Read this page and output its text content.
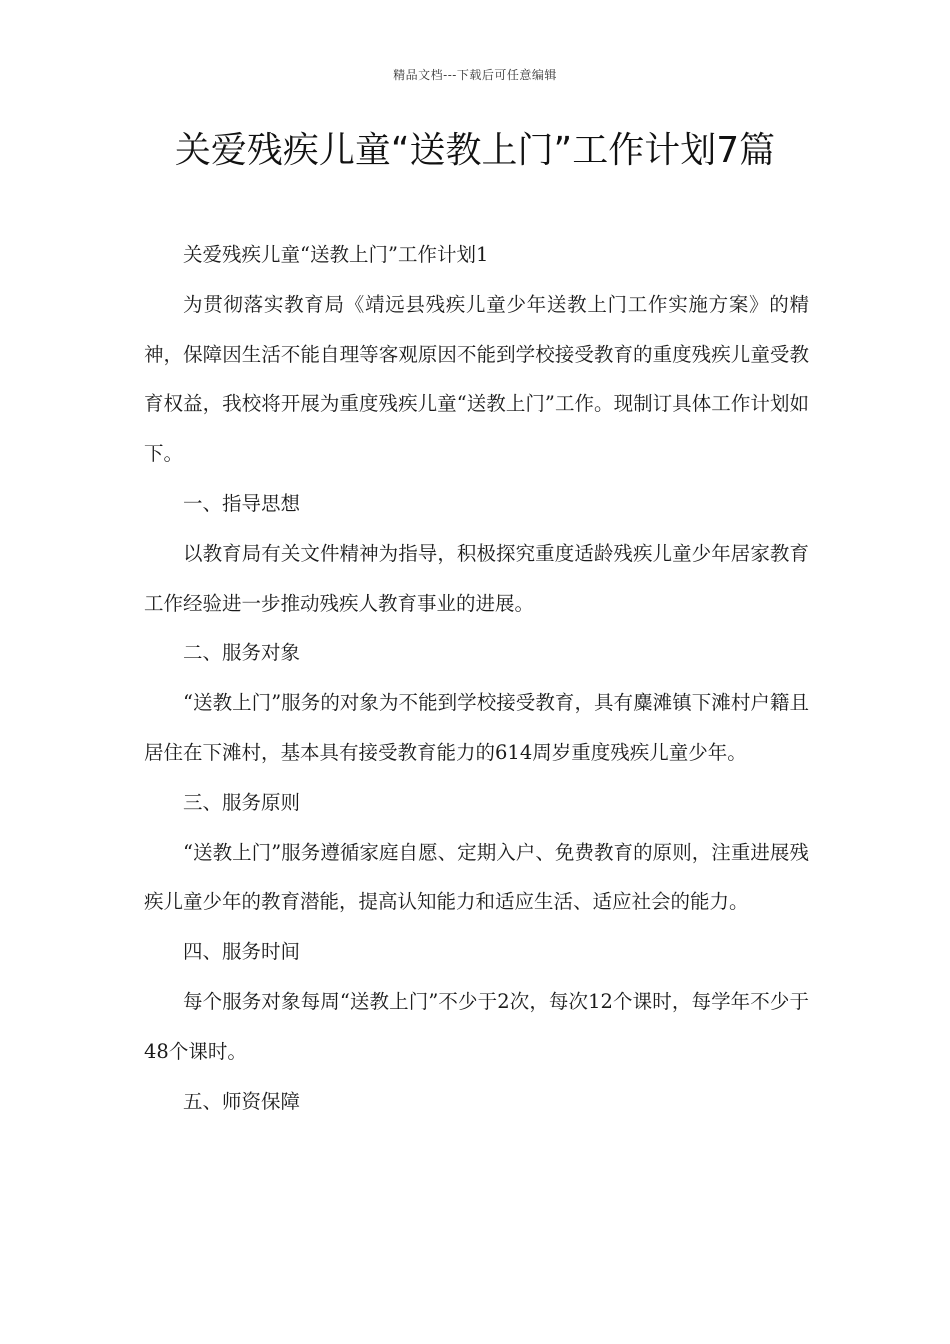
精品文档---下载后可任意编辑
关爱残疾儿童“送教上门”工作计划7篇

关爱残疾儿童“送教上门”工作计划1

为贯彻落实教育局《靖远县残疾儿童少年送教上门工作实施方案》的精神，保障因生活不能自理等客观原因不能到学校接受教育的重度残疾儿童受教育权益，我校将开展为重度残疾儿童“送教上门”工作。现制订具体工作计划如下。

一、指导思想

以教育局有关文件精神为指导，积极探究重度适龄残疾儿童少年居家教育工作经验进一步推动残疾人教育事业的进展。

二、服务对象

“送教上门”服务的对象为不能到学校接受教育，具有麋滩镇下滩村户籍且居住在下滩村，基本具有接受教育能力的614周岁重度残疾儿童少年。

三、服务原则

“送教上门”服务遵循家庭自愿、定期入户、免费教育的原则，注重进展残疾儿童少年的教育潜能，提高认知能力和适应生活、适应社会的能力。

四、服务时间

每个服务对象每周“送教上门”不少于2次，每次12个课时，每学年不少于48个课时。

五、师资保障
